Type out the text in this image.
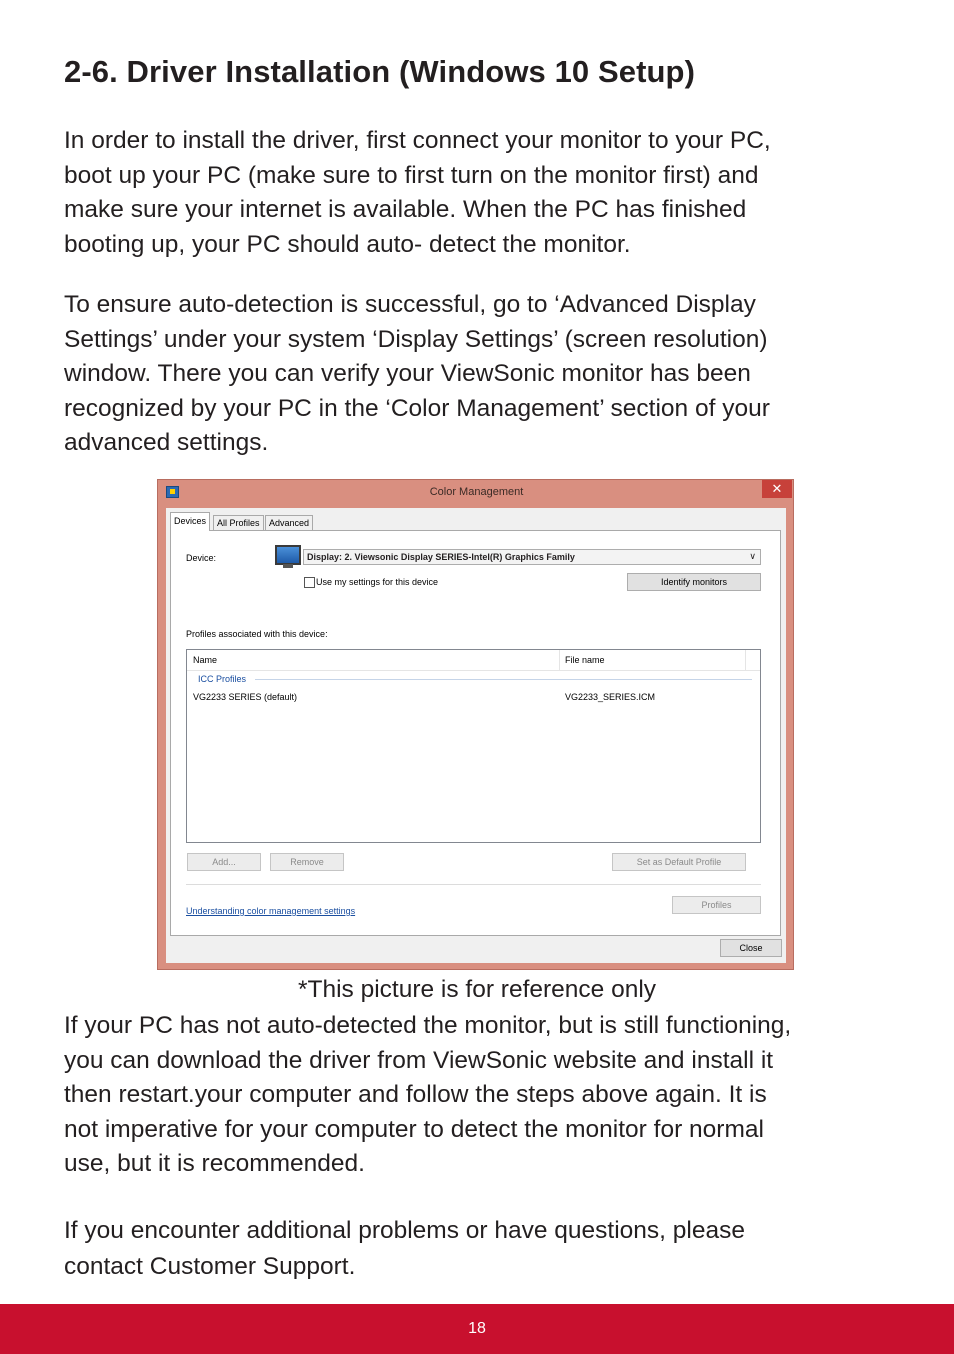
2-6. Driver Installation (Windows 10 Setup)

In order to install the driver, first connect your monitor to your PC,
boot up your PC (make sure to first turn on the monitor first) and
make sure your internet is available. When the PC has finished
booting up, your PC should auto- detect the monitor.

To ensure auto-detection is successful, go to ‘Advanced Display
Settings’ under your system ‘Display Settings’ (screen resolution)
window. There you can verify your ViewSonic monitor has been
recognized by your PC in the ‘Color Management’ section of your
advanced settings.

Color Management	✕
Devices	All Profiles	Advanced
Device:	Display: 2. Viewsonic Display SERIES-Intel(R) Graphics Family	∨
Use my settings for this device	Identify monitors
Profiles associated with this device:
Name	File name
ICC Profiles
VG2233 SERIES (default)	VG2233_SERIES.ICM
Add...	Remove	Set as Default Profile
Understanding color management settings
Profiles
Close
*This picture is for reference only

If your PC has not auto-detected the monitor, but is still functioning,
you can download the driver from ViewSonic website and install it
then restart.your computer and follow the steps above again. It is
not imperative for your computer to detect the monitor for normal
use, but it is recommended.

If you encounter additional problems or have questions, please
contact Customer Support.

18
